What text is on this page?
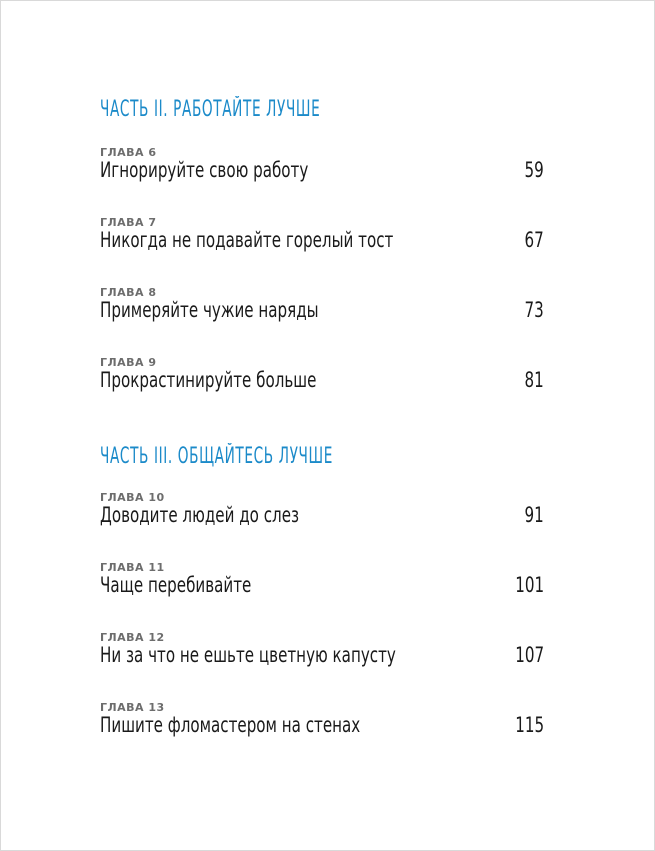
ЧАСТЬ II. РАБОТАЙТЕ ЛУЧШЕ
ГЛАВА 6
Игнорируйте свою работу	59
ГЛАВА 7
Никогда не подавайте горелый тост	67
ГЛАВА 8
Примеряйте чужие наряды	73
ГЛАВА 9
Прокрастинируйте больше	81
ЧАСТЬ III. ОБЩАЙТЕСЬ ЛУЧШЕ
ГЛАВА 10
Доводите людей до слез	91
ГЛАВА 11
Чаще перебивайте	101
ГЛАВА 12
Ни за что не ешьте цветную капусту	107
ГЛАВА 13
Пишите фломастером на стенах	115
